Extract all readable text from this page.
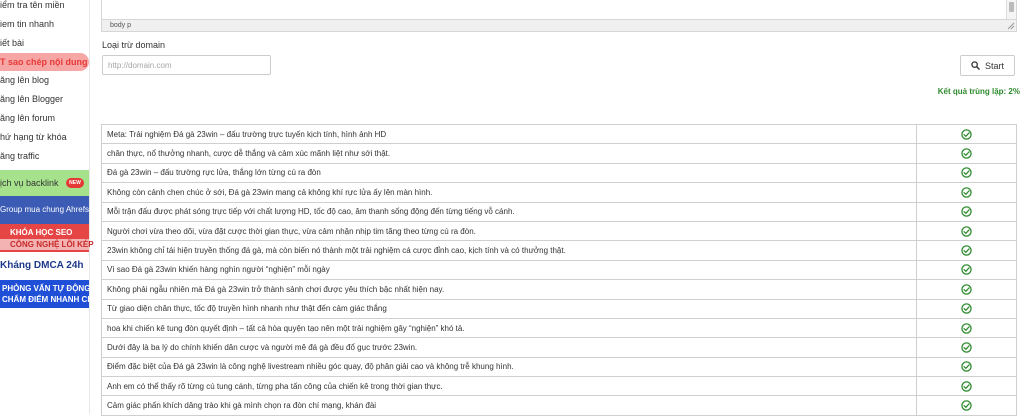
iểm tra tên miền
iem tin nhanh
iết bài
T sao chép nội dung
ăng lên blog
ăng lên Blogger
ăng lên forum
hứ hạng từ khóa
ăng traffic
ịch vụ backlink	NEW
Group mua chung Ahrefs
KHÓA HỌC SEO
CÔNG NGHỆ LÕI KÉP
Kháng DMCA 24h
PHỎNG VẤN TỰ ĐỘNG
CHẤM ĐIỂM NHANH CHÓNG
body p
Loại trừ domain
http://domain.com
Start
Kết quả trùng lặp: 2%
Meta: Trải nghiệm Đá gà 23win – đấu trường trực tuyến kịch tính, hình ảnh HD	
chân thực, nổ thưởng nhanh, cược dễ thắng và cảm xúc mãnh liệt như sới thật.	
Đá gà 23win – đấu trường rực lửa, thắng lớn từng cú ra đòn	
Không còn cảnh chen chúc ở sới, Đá gà 23win mang cả không khí rực lửa ấy lên màn hình.	
Mỗi trận đấu được phát sóng trực tiếp với chất lượng HD, tốc độ cao, âm thanh sống động đến từng tiếng vỗ cánh.	
Người chơi vừa theo dõi, vừa đặt cược thời gian thực, vừa cảm nhận nhịp tim tăng theo từng cú ra đòn.	
23win không chỉ tái hiện truyền thống đá gà, mà còn biến nó thành một trải nghiệm cá cược đỉnh cao, kịch tính và có thưởng thật.	
Vì sao Đá gà 23win khiến hàng nghìn người “nghiện” mỗi ngày	
Không phải ngẫu nhiên mà Đá gà 23win trở thành sảnh chơi được yêu thích bậc nhất hiện nay.	
Từ giao diện chân thực, tốc độ truyền hình nhanh như thật đến cảm giác thắng	
hoa khi chiến kê tung đòn quyết định – tất cả hòa quyện tạo nên một trải nghiệm gây “nghiện” khó tả.	
Dưới đây là ba lý do chính khiến dân cược và người mê đá gà đều đổ gục trước 23win.	
Điểm đặc biệt của Đá gà 23win là công nghệ livestream nhiều góc quay, độ phân giải cao và không trễ khung hình.	
Anh em có thể thấy rõ từng cú tung cánh, từng pha tấn công của chiến kê trong thời gian thực.	
Cảm giác phấn khích dâng trào khi gà mình chọn ra đòn chí mạng, khán đài	
